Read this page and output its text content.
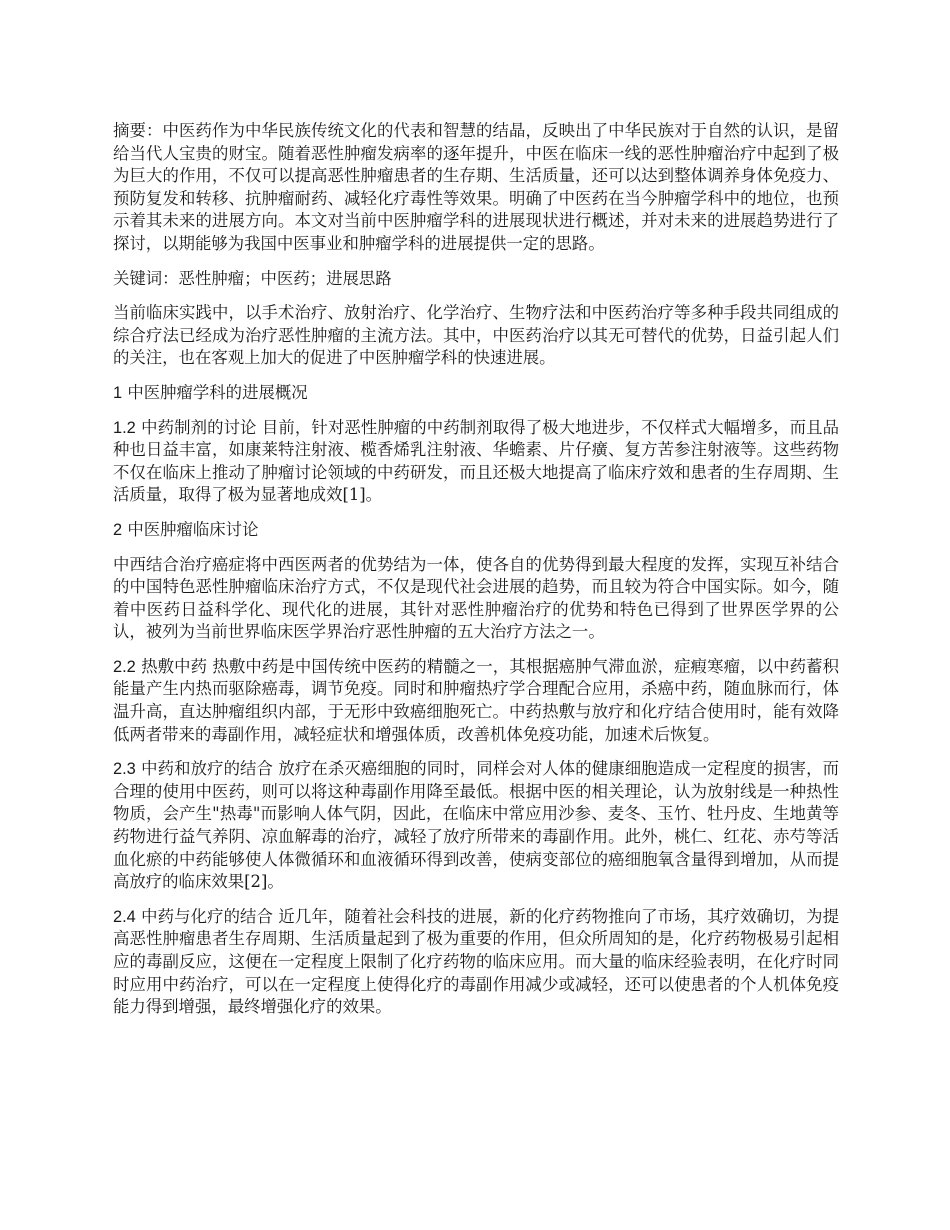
摘要：中医药作为中华民族传统文化的代表和智慧的结晶，反映出了中华民族对于自然的认识，是留给当代人宝贵的财宝。随着恶性肿瘤发病率的逐年提升，中医在临床一线的恶性肿瘤治疗中起到了极为巨大的作用，不仅可以提高恶性肿瘤患者的生存期、生活质量，还可以达到整体调养身体免疫力、预防复发和转移、抗肿瘤耐药、减轻化疗毒性等效果。明确了中医药在当今肿瘤学科中的地位，也预示着其未来的进展方向。本文对当前中医肿瘤学科的进展现状进行概述，并对未来的进展趋势进行了探讨，以期能够为我国中医事业和肿瘤学科的进展提供一定的思路。

关键词：恶性肿瘤；中医药；进展思路

当前临床实践中，以手术治疗、放射治疗、化学治疗、生物疗法和中医药治疗等多种手段共同组成的综合疗法已经成为治疗恶性肿瘤的主流方法。其中，中医药治疗以其无可替代的优势，日益引起人们的关注，也在客观上加大的促进了中医肿瘤学科的快速进展。

1 中医肿瘤学科的进展概况

1.2 中药制剂的讨论 目前，针对恶性肿瘤的中药制剂取得了极大地进步，不仅样式大幅增多，而且品种也日益丰富，如康莱特注射液、榄香烯乳注射液、华蟾素、片仔癀、复方苦参注射液等。这些药物不仅在临床上推动了肿瘤讨论领域的中药研发，而且还极大地提高了临床疗效和患者的生存周期、生活质量，取得了极为显著地成效[1]。

2 中医肿瘤临床讨论

中西结合治疗癌症将中西医两者的优势结为一体，使各自的优势得到最大程度的发挥，实现互补结合的中国特色恶性肿瘤临床治疗方式，不仅是现代社会进展的趋势，而且较为符合中国实际。如今，随着中医药日益科学化、现代化的进展，其针对恶性肿瘤治疗的优势和特色已得到了世界医学界的公认，被列为当前世界临床医学界治疗恶性肿瘤的五大治疗方法之一。

2.2 热敷中药 热敷中药是中国传统中医药的精髓之一，其根据癌肿气滞血淤，症瘕寒瘤，以中药蓄积能量产生内热而驱除癌毒，调节免疫。同时和肿瘤热疗学合理配合应用，杀癌中药，随血脉而行，体温升高，直达肿瘤组织内部，于无形中致癌细胞死亡。中药热敷与放疗和化疗结合使用时，能有效降低两者带来的毒副作用，减轻症状和增强体质，改善机体免疫功能，加速术后恢复。

2.3 中药和放疗的结合 放疗在杀灭癌细胞的同时，同样会对人体的健康细胞造成一定程度的损害，而合理的使用中医药，则可以将这种毒副作用降至最低。根据中医的相关理论，认为放射线是一种热性物质，会产生"热毒"而影响人体气阴，因此，在临床中常应用沙参、麦冬、玉竹、牡丹皮、生地黄等药物进行益气养阴、凉血解毒的治疗，减轻了放疗所带来的毒副作用。此外，桃仁、红花、赤芍等活血化瘀的中药能够使人体微循环和血液循环得到改善，使病变部位的癌细胞氧含量得到增加，从而提高放疗的临床效果[2]。

2.4 中药与化疗的结合 近几年，随着社会科技的进展，新的化疗药物推向了市场，其疗效确切，为提高恶性肿瘤患者生存周期、生活质量起到了极为重要的作用，但众所周知的是，化疗药物极易引起相应的毒副反应，这便在一定程度上限制了化疗药物的临床应用。而大量的临床经验表明，在化疗时同时应用中药治疗，可以在一定程度上使得化疗的毒副作用减少或减轻，还可以使患者的个人机体免疫能力得到增强，最终增强化疗的效果。
